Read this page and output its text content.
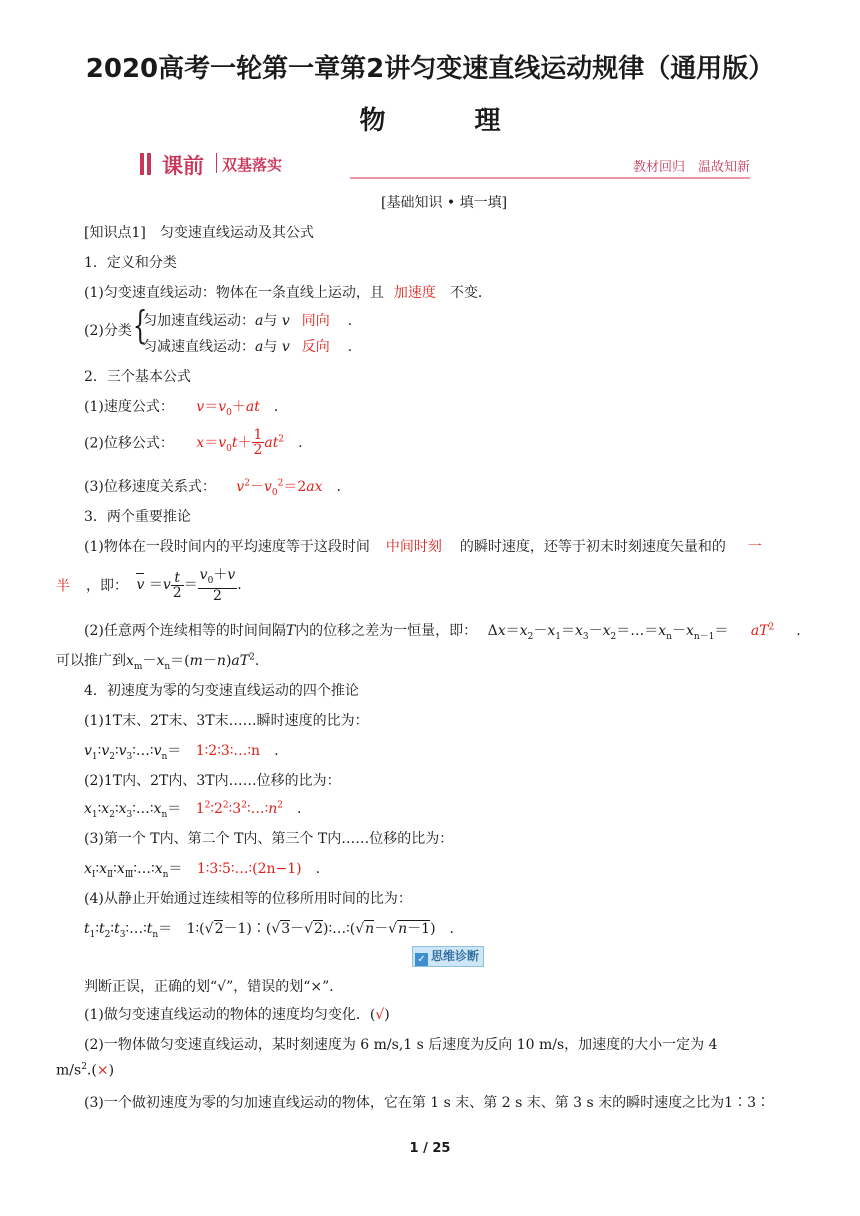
2020高考一轮第一章第2讲匀变速直线运动规律（通用版）
物 理
课前 双基落实	教材回归　温故知新
[基础知识 • 填一填]
[知识点1]　匀变速直线运动及其公式
1．定义和分类
(1)匀变速直线运动：物体在一条直线上运动，且 加速度 不变．
(2)分类 {
匀加速直线运动：a与 v 同向 .
匀减速直线运动：a与 v 反向 .
2．三个基本公式
(1)速度公式： $v=v_0+at$ .
(2)位移公式： $x=v_0t+ \frac{1}{2} at^2$ .
(3)位移速度关系式： $v^2-v_0^2=2ax$ .
3．两个重要推论
(1)物体在一段时间内的平均速度等于这段时间 中间时刻 的瞬时速度，还等于初末时刻速度矢量和的 一
半 ，即： $v =v \frac{t}{2} = \frac{v_0+v}{2}$ .
(2)任意两个连续相等的时间间隔T内的位移之差为一恒量，即： $\Delta x=x_2-x_1=x_3-x_2=\dots=x_n-x_{n-1}= aT^2$ .
可以推广到$x_m-x_n=(m-n)aT^2$.
4．初速度为零的匀变速直线运动的四个推论
(1)1T末、2T末、3T末……瞬时速度的比为：
$v_1∶v_2∶v_3∶\dots∶v_n=$ 1∶2∶3∶…∶n .
(2)1T内、2T内、3T内……位移的比为：
$x_1∶x_2∶x_3∶\dots∶x_n=$ $1^2∶2^2∶3^2∶\dots∶n^2$ .
(3)第一个 T内、第二个 T内、第三个 T内……位移的比为：
$x_Ⅰ∶x_Ⅱ∶x_Ⅲ∶\dots∶x_n=$ 1∶3∶5∶…∶(2n−1) .
(4)从静止开始通过连续相等的位移所用时间的比为：
$t_1∶t_2∶t_3∶\dots∶t_n=$ 1∶(√2－1)∶(√3－√2)∶…∶(√n－√n－1) .
✓ 思维诊断
判断正误，正确的划“√”，错误的划“×”．
(1)做匀变速直线运动的物体的速度均匀变化．(√)
(2)一物体做匀变速直线运动，某时刻速度为 6 m/s,1 s 后速度为反向 10 m/s，加速度的大小一定为 4
$m/s^2.(\times)$
(3)一个做初速度为零的匀加速直线运动的物体，它在第 1 s 末、第 2 s 末、第 3 s 末的瞬时速度之比为1∶3∶
1 / 25
